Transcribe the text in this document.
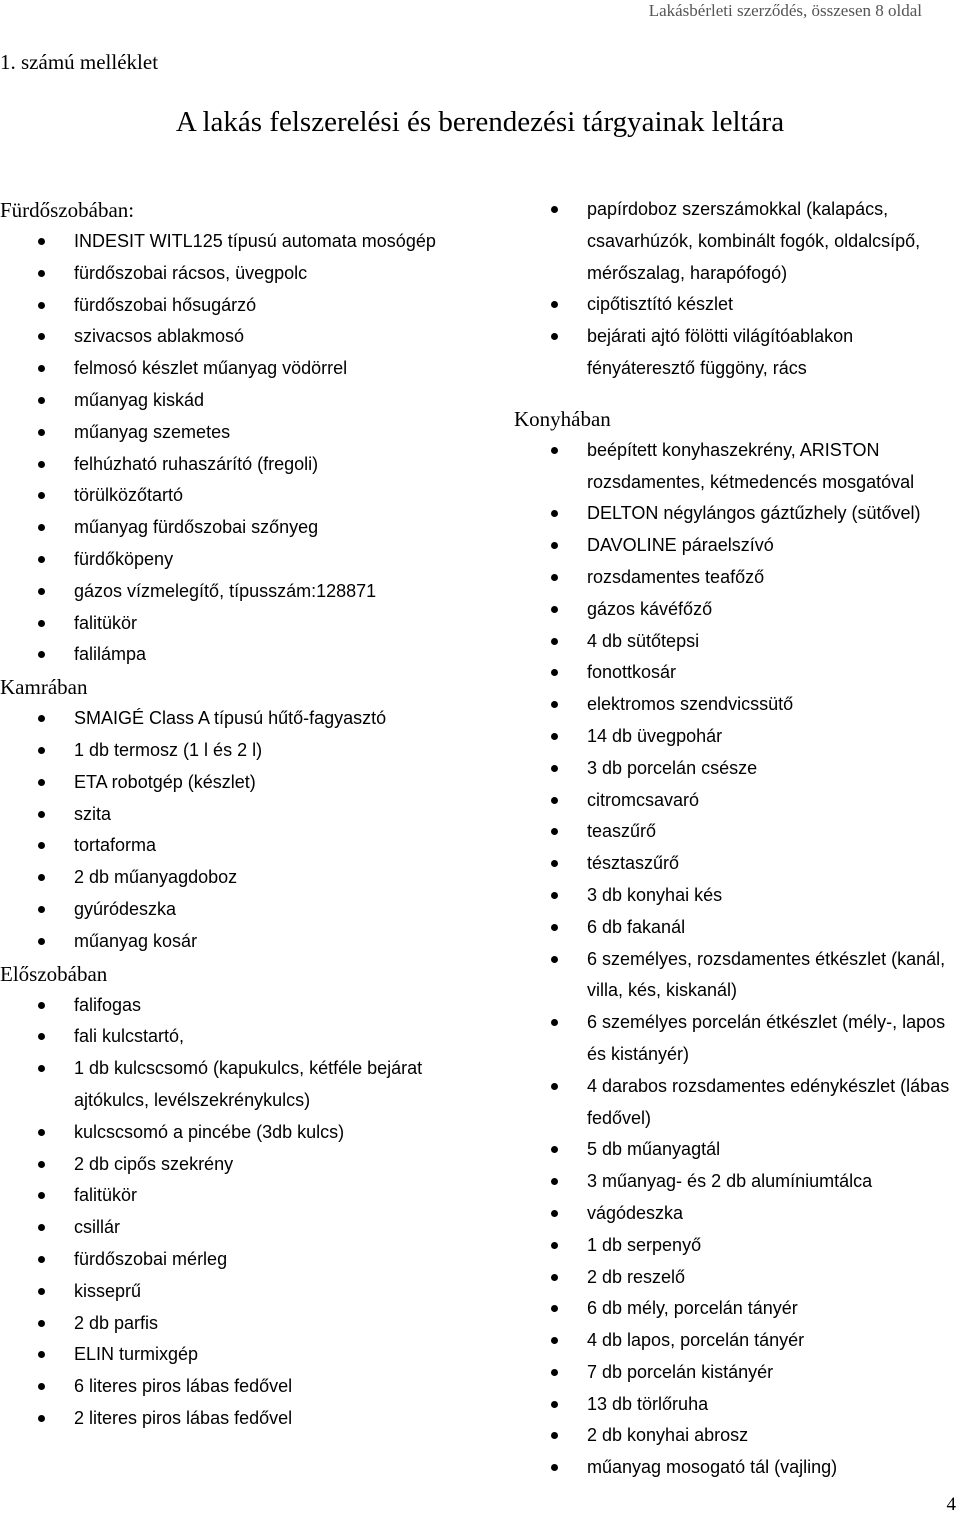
Lakásbérleti szerződés, összesen 8 oldal
1. számú melléklet
A lakás felszerelési és berendezési tárgyainak leltára
Fürdőszobában:
INDESIT WITL125 típusú automata mosógép
fürdőszobai rácsos, üvegpolc
fürdőszobai hősugárzó
szivacsos ablakmosó
felmosó készlet műanyag vödörrel
műanyag kiskád
műanyag szemetes
felhúzható ruhaszárító (fregoli)
törülközőtartó
műanyag fürdőszobai szőnyeg
fürdőköpeny
gázos vízmelegítő, típusszám:128871
falitükör
falilámpa
Kamrában
SMAIGÉ Class A típusú hűtő-fagyasztó
1 db termosz (1 l és 2 l)
ETA robotgép (készlet)
szita
tortaforma
2 db műanyagdoboz
gyúródeszka
műanyag kosár
Előszobában
falifogas
fali kulcstartó,
1 db kulcscsomó (kapukulcs, kétféle bejárat ajtókulcs, levélszekrénykulcs)
kulcscsomó a pincébe (3db kulcs)
2 db cipős szekrény
falitükör
csillár
fürdőszobai mérleg
kisseprű
2 db parfis
ELIN turmixgép
6 literes piros lábas fedővel
2 literes piros lábas fedővel
papírdoboz szerszámokkal (kalapács, csavarhúzók, kombinált fogók, oldalcsípő, mérőszalag, harapófogó)
cipőtisztító készlet
bejárati ajtó fölötti világítóablakon fényáteresztő függöny, rács
Konyhában
beépített konyhaszekrény, ARISTON rozsdamentes, kétmedencés mosgatóval
DELTON négylángos gáztűzhely (sütővel)
DAVOLINE páraelszívó
rozsdamentes teafőző
gázos kávéfőző
4 db sütőtepsi
fonottkosár
elektromos szendvicssütő
14 db üvegpohár
3 db porcelán csésze
citromcsavaró
teaszűrő
tésztaszűrő
3 db konyhai kés
6 db fakanál
6 személyes, rozsdamentes étkészlet (kanál, villa, kés, kiskanál)
6 személyes porcelán étkészlet (mély-, lapos és kistányér)
4 darabos rozsdamentes edénykészlet (lábas fedővel)
5 db műanyagtál
3 műanyag- és 2 db alumíniumtálca
vágódeszka
1 db serpenyő
2 db reszelő
6 db mély, porcelán tányér
4 db lapos, porcelán tányér
7 db porcelán kistányér
13 db törlőruha
2 db konyhai abrosz
műanyag mosogató tál (vajling)
4
